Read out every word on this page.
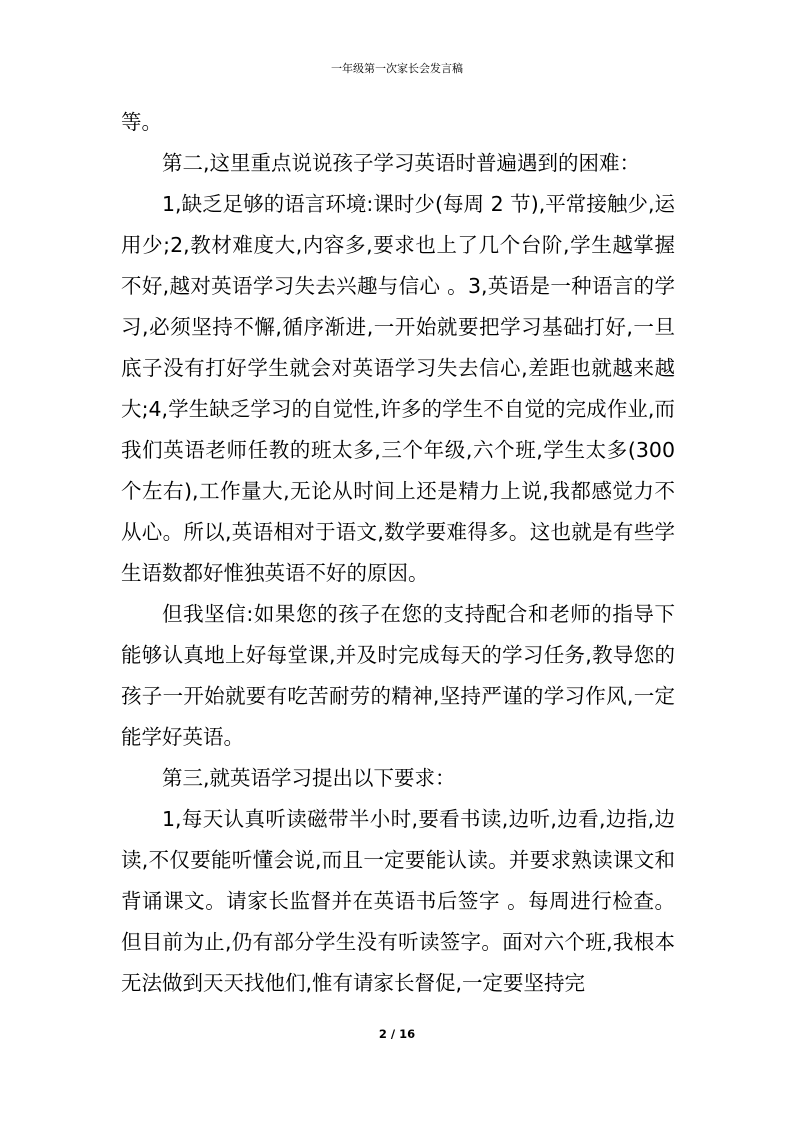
一年级第一次家长会发言稿

等。

第二,这里重点说说孩子学习英语时普遍遇到的困难：

1,缺乏足够的语言环境:课时少(每周 2 节),平常接触少,运用少;2,教材难度大,内容多,要求也上了几个台阶,学生越掌握不好,越对英语学习失去兴趣与信心 。3,英语是一种语言的学习,必须坚持不懈,循序渐进,一开始就要把学习基础打好,一旦底子没有打好学生就会对英语学习失去信心,差距也就越来越大;4,学生缺乏学习的自觉性,许多的学生不自觉的完成作业,而我们英语老师任教的班太多,三个年级,六个班,学生太多(300 个左右),工作量大,无论从时间上还是精力上说,我都感觉力不从心。所以,英语相对于语文,数学要难得多。这也就是有些学生语数都好惟独英语不好的原因。

但我坚信:如果您的孩子在您的支持配合和老师的指导下能够认真地上好每堂课,并及时完成每天的学习任务,教导您的孩子一开始就要有吃苦耐劳的精神,坚持严谨的学习作风,一定能学好英语。

第三,就英语学习提出以下要求：

1,每天认真听读磁带半小时,要看书读,边听,边看,边指,边读,不仅要能听懂会说,而且一定要能认读。并要求熟读课文和背诵课文。请家长监督并在英语书后签字 。每周进行检查。但目前为止,仍有部分学生没有听读签字。面对六个班,我根本无法做到天天找他们,惟有请家长督促,一定要坚持完

2 / 16
